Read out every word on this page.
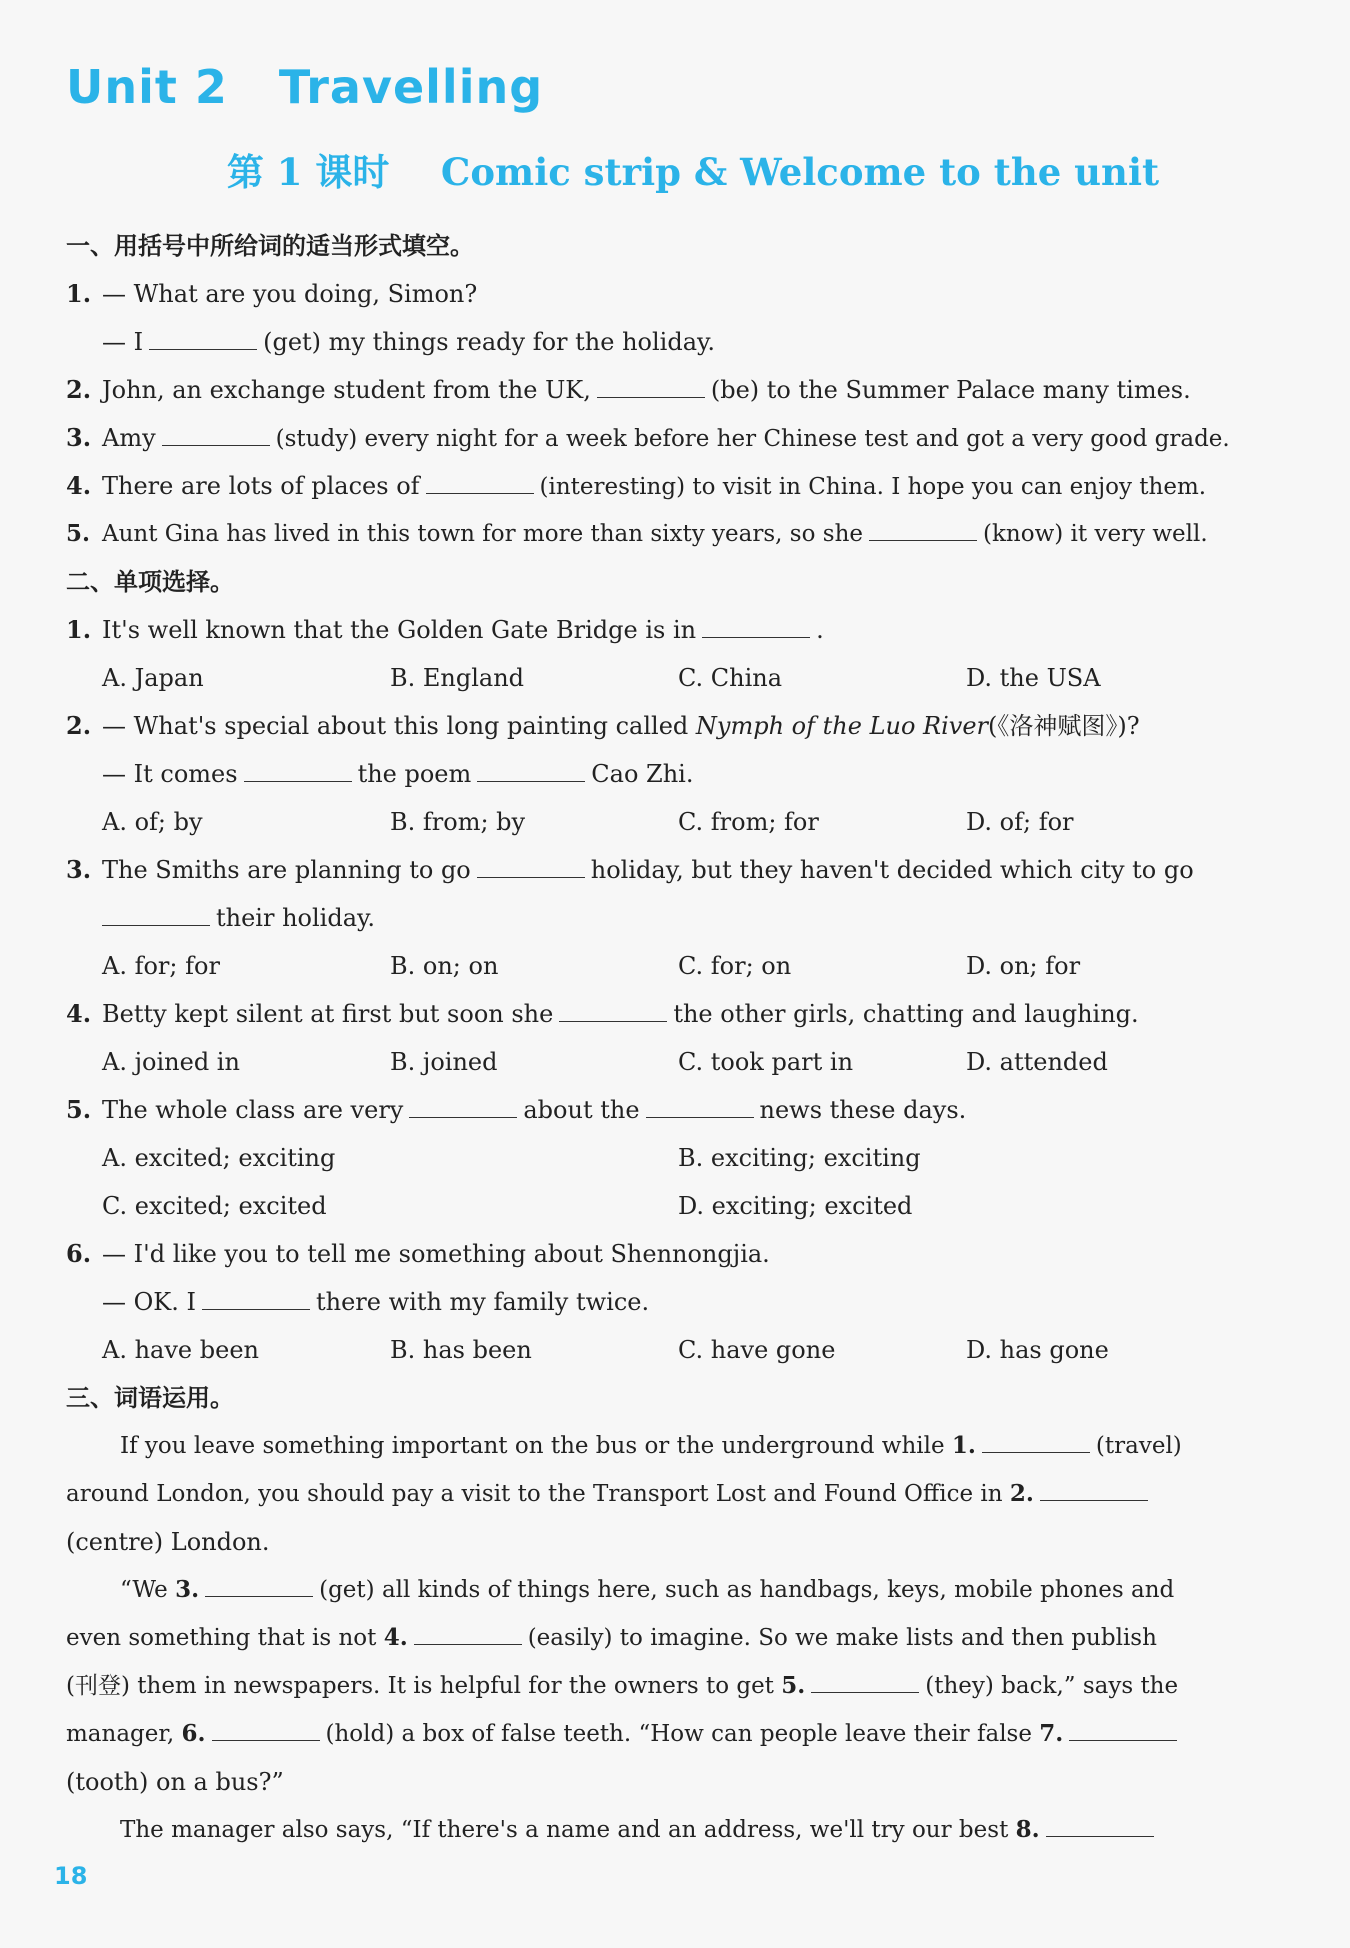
Unit 2   Travelling
第 1 课时    Comic strip & Welcome to the unit
一、用括号中所给词的适当形式填空。
1. — What are you doing, Simon?
— I	(get) my things ready for the holiday.
2. John, an exchange student from the UK,	(be) to the Summer Palace many times.
3. Amy	(study) every night for a week before her Chinese test and got a very good grade.
4. There are lots of places of	(interesting) to visit in China. I hope you can enjoy them.
5. Aunt Gina has lived in this town for more than sixty years, so she	(know) it very well.
二、单项选择。
1. It's well known that the Golden Gate Bridge is in	.
A. Japan	B. England	C. China	D. the USA
2. — What's special about this long painting called Nymph of the Luo River(《洛神赋图》)?
— It comes	the poem	Cao Zhi.
A. of; by	B. from; by	C. from; for	D. of; for
3. The Smiths are planning to go	holiday, but they haven't decided which city to go
their holiday.
A. for; for	B. on; on	C. for; on	D. on; for
4. Betty kept silent at first but soon she	the other girls, chatting and laughing.
A. joined in	B. joined	C. took part in	D. attended
5. The whole class are very	about the	news these days.
A. excited; exciting	B. exciting; exciting
C. excited; excited	D. exciting; excited
6. — I'd like you to tell me something about Shennongjia.
— OK. I	there with my family twice.
A. have been	B. has been	C. have gone	D. has gone
三、词语运用。
If you leave something important on the bus or the underground while 1.	(travel)
around London, you should pay a visit to the Transport Lost and Found Office in 2.
(centre) London.
“We 3.	(get) all kinds of things here, such as handbags, keys, mobile phones and
even something that is not 4.	(easily) to imagine. So we make lists and then publish
(刊登) them in newspapers. It is helpful for the owners to get 5.	(they) back,” says the
manager, 6.	(hold) a box of false teeth. “How can people leave their false 7.
(tooth) on a bus?”
The manager also says, “If there's a name and an address, we'll try our best 8.
18
